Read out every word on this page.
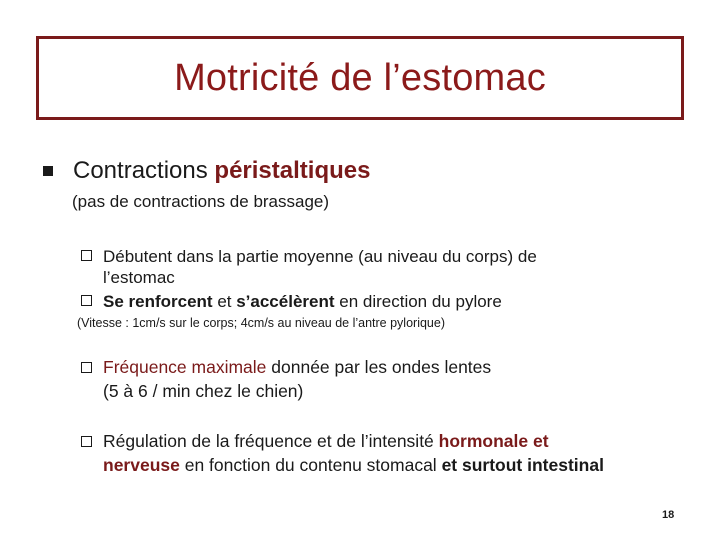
Motricité de l’estomac
Contractions péristaltiques
(pas de contractions de brassage)
Débutent dans la partie moyenne (au niveau du corps) de
l’estomac
Se renforcent et s’accélèrent en direction du pylore
(Vitesse : 1cm/s sur le corps; 4cm/s au niveau de l’antre pylorique)
Fréquence maximale donnée par les ondes lentes
(5 à 6 / min chez le chien)
Régulation de la fréquence et de l’intensité hormonale et
nerveuse en fonction du contenu stomacal et surtout intestinal
18
